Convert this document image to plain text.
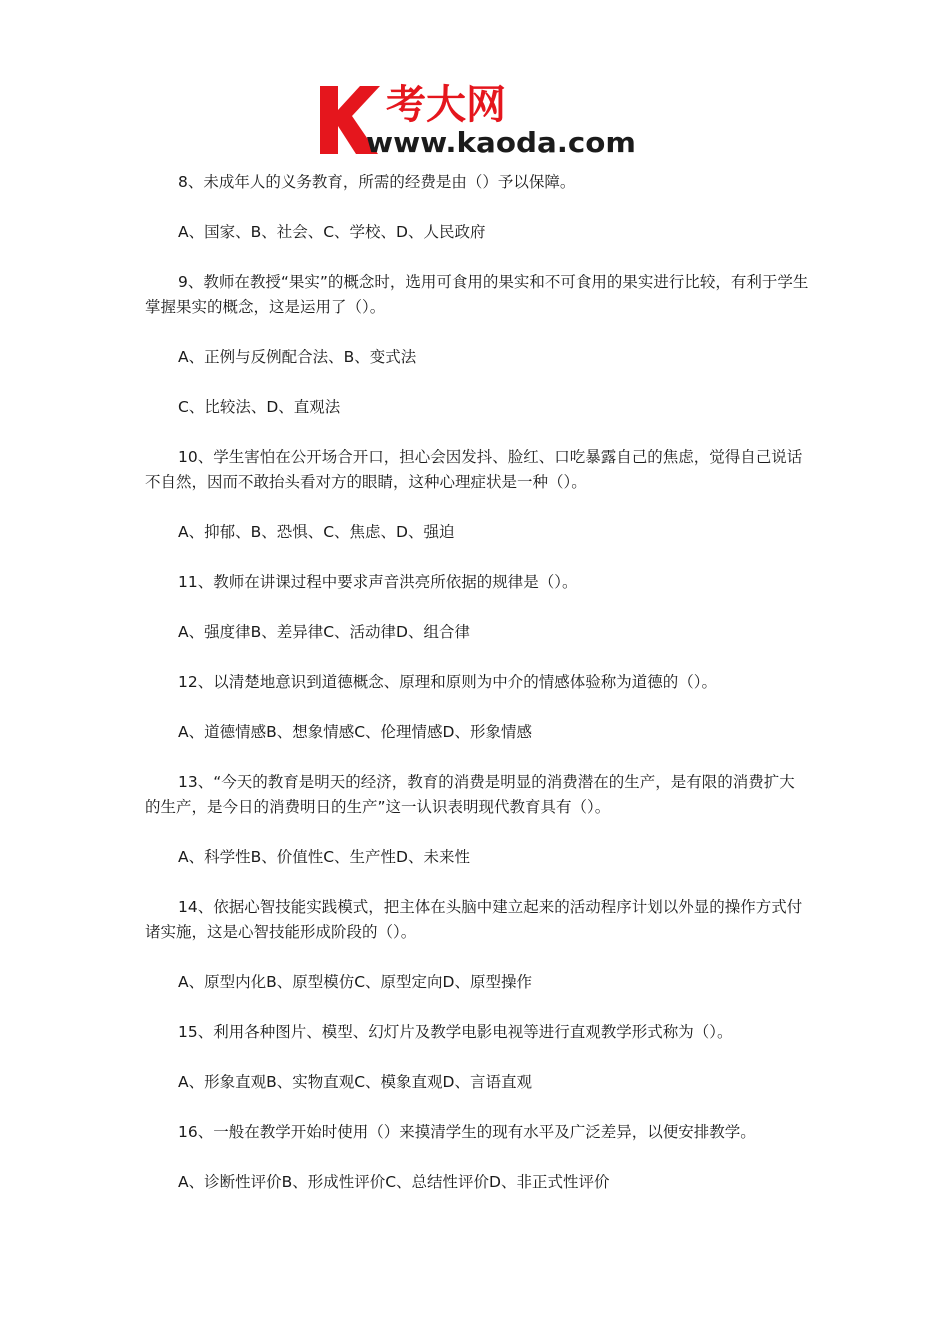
考大网
www.kaoda.com

8、未成年人的义务教育，所需的经费是由（）予以保障。

A、国家、B、社会、C、学校、D、人民政府

9、教师在教授“果实”的概念时，选用可食用的果实和不可食用的果实进行比较，有利于学生掌握果实的概念，这是运用了（）。

A、正例与反例配合法、B、变式法

C、比较法、D、直观法

10、学生害怕在公开场合开口，担心会因发抖、脸红、口吃暴露自己的焦虑，觉得自己说话不自然，因而不敢抬头看对方的眼睛，这种心理症状是一种（）。

A、抑郁、B、恐惧、C、焦虑、D、强迫

11、教师在讲课过程中要求声音洪亮所依据的规律是（）。

A、强度律B、差异律C、活动律D、组合律

12、以清楚地意识到道德概念、原理和原则为中介的情感体验称为道德的（）。

A、道德情感B、想象情感C、伦理情感D、形象情感

13、“今天的教育是明天的经济，教育的消费是明显的消费潜在的生产，是有限的消费扩大的生产，是今日的消费明日的生产”这一认识表明现代教育具有（）。

A、科学性B、价值性C、生产性D、未来性

14、依据心智技能实践模式，把主体在头脑中建立起来的活动程序计划以外显的操作方式付诸实施，这是心智技能形成阶段的（）。

A、原型内化B、原型模仿C、原型定向D、原型操作

15、利用各种图片、模型、幻灯片及教学电影电视等进行直观教学形式称为（）。

A、形象直观B、实物直观C、模象直观D、言语直观

16、一般在教学开始时使用（）来摸清学生的现有水平及广泛差异，以便安排教学。

A、诊断性评价B、形成性评价C、总结性评价D、非正式性评价
